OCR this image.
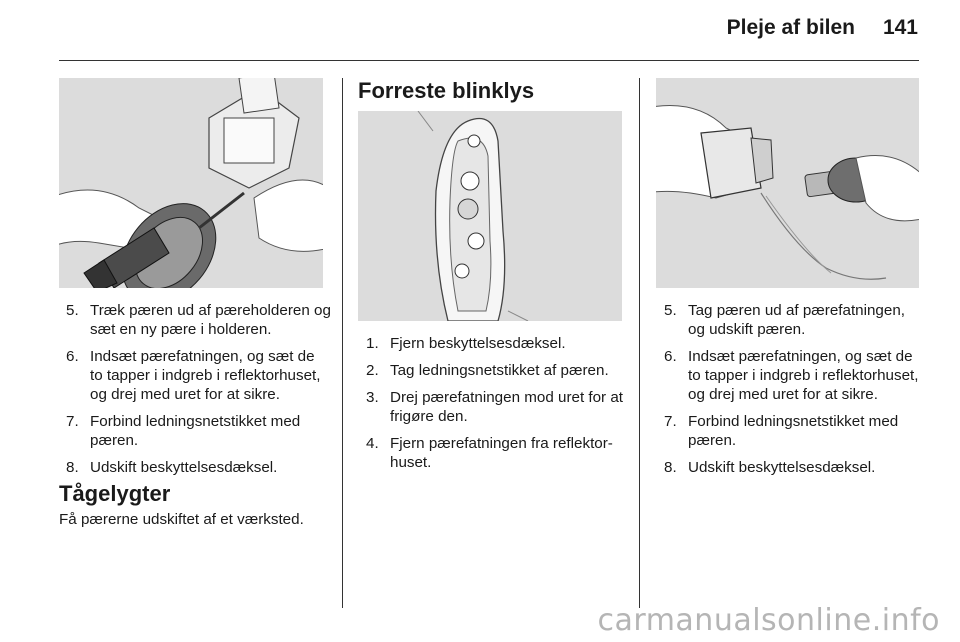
Pleje af bilen 141
5. Træk pæren ud af pæreholderen og sæt en ny pære i holderen.
6. Indsæt pærefatningen, og sæt de to tapper i indgreb i reflektorhuset, og drej med uret for at sikre.
7. Forbind ledningsnetstikket med pæren.
8. Udskift beskyttelsesdæksel.
Tågelygter
Få pærerne udskiftet af et værksted.
Forreste blinklys
1. Fjern beskyttelsesdæksel.
2. Tag ledningsnetstikket af pæren.
3. Drej pærefatningen mod uret for at frigøre den.
4. Fjern pærefatningen fra reflektor-huset.
5. Tag pæren ud af pærefatningen, og udskift pæren.
6. Indsæt pærefatningen, og sæt de to tapper i indgreb i reflektorhuset, og drej med uret for at sikre.
7. Forbind ledningsnetstikket med pæren.
8. Udskift beskyttelsesdæksel.
carmanualsonline.info
